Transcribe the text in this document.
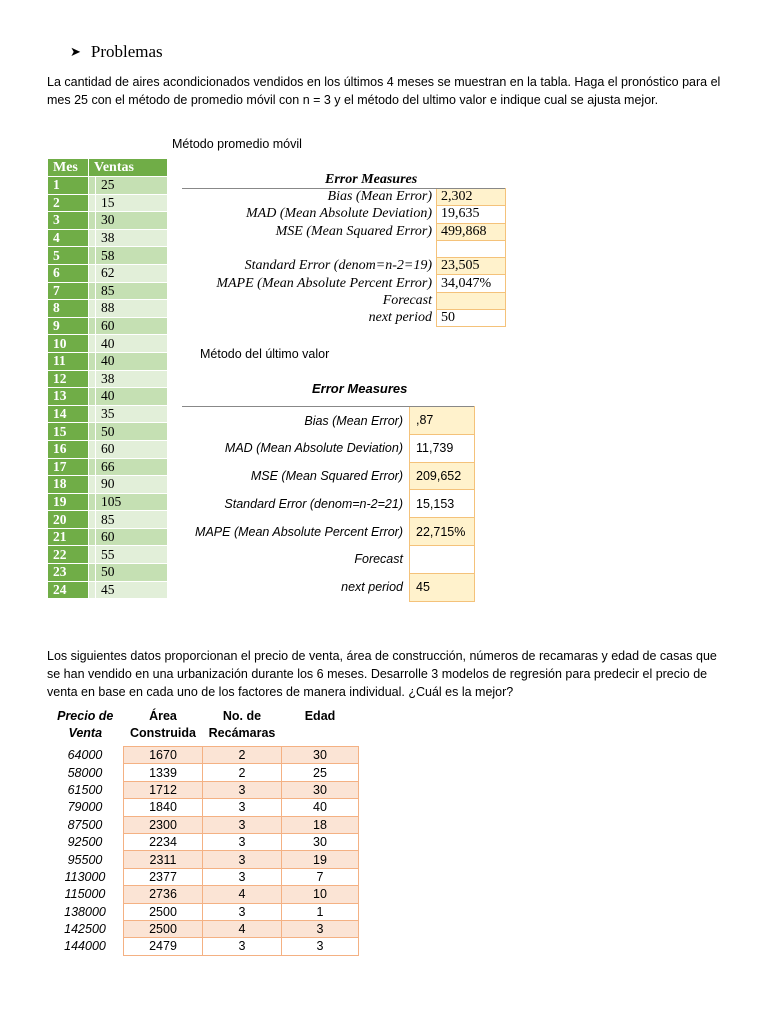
➤ Problemas
La cantidad de aires acondicionados vendidos en los últimos 4 meses se muestran en la tabla. Haga el pronóstico para el mes 25 con el método de promedio móvil con n = 3 y el método del ultimo valor e indique cual se ajusta mejor.
Método promedio móvil
Mes	Ventas	
1		25
2		15
3		30
4		38
5		58
6		62
7		85
8		88
9		60
10		40
11		40
12		38
13		40
14		35
15		50
16		60
17		66
18		90
19		105
20		85
21		60
22		55
23		50
24		45
Error Measures
Bias (Mean Error)	2,302
MAD (Mean Absolute Deviation)	19,635
MSE (Mean Squared Error)	499,868

Standard Error (denom=n-2=19)	23,505
MAPE (Mean Absolute Percent Error)	34,047%
Forecast	
next period	50
Método del último valor
Error Measures
Bias (Mean Error)	,87
MAD (Mean Absolute Deviation)	11,739
MSE (Mean Squared Error)	209,652
Standard Error (denom=n-2=21)	15,153
MAPE (Mean Absolute Percent Error)	22,715%
Forecast	
next period	45
Los siguientes datos proporcionan el precio de venta, área de construcción, números de recamaras y edad de casas que se han vendido en una urbanización durante los 6 meses. Desarrolle 3 modelos de regresión para predecir el precio de venta en base en cada uno de los factores de manera individual. ¿Cuál es la mejor?
Precio de Venta	Área Construida	No. de Recámaras	Edad
64000	1670	2	30
58000	1339	2	25
61500	1712	3	30
79000	1840	3	40
87500	2300	3	18
92500	2234	3	30
95500	2311	3	19
113000	2377	3	7
115000	2736	4	10
138000	2500	3	1
142500	2500	4	3
144000	2479	3	3
